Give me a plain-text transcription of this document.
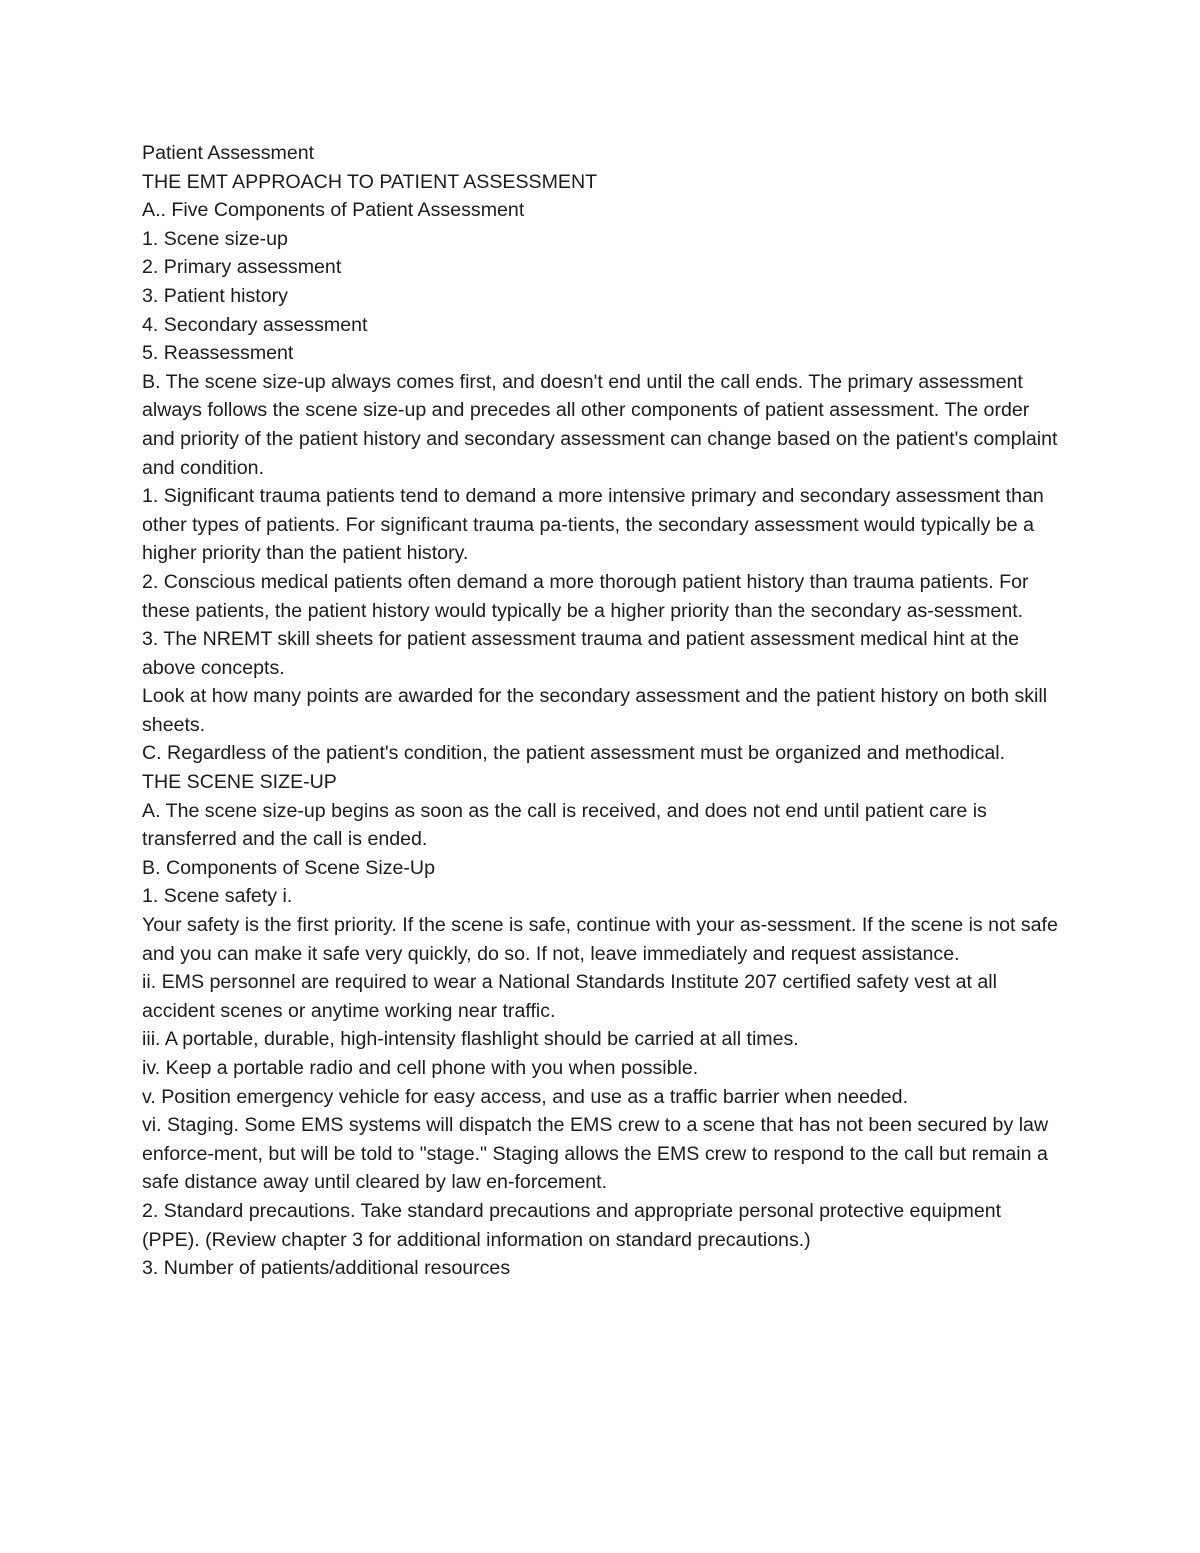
Patient Assessment

THE EMT APPROACH TO PATIENT ASSESSMENT

A.. Five Components of Patient Assessment

1. Scene size-up

2. Primary assessment

3. Patient history

4. Secondary assessment

5. Reassessment

B. The scene size-up always comes first, and doesn't end until the call ends. The primary assessment always follows the scene size-up and precedes all other components of patient assessment. The order and priority of the patient history and secondary assessment can change based on the patient's complaint and condition.

1. Significant trauma patients tend to demand a more intensive primary and secondary assessment than other types of patients. For significant trauma pa-tients, the secondary assessment would typically be a higher priority than the patient history.

2. Conscious medical patients often demand a more thorough patient history than trauma patients. For these patients, the patient history would typically be a higher priority than the secondary as-sessment.

3. The NREMT skill sheets for patient assessment trauma and patient assessment medical hint at the above concepts.

Look at how many points are awarded for the secondary assessment and the patient history on both skill sheets.

C. Regardless of the patient's condition, the patient assessment must be organized and methodical.

THE SCENE SIZE-UP

A. The scene size-up begins as soon as the call is received, and does not end until patient care is transferred and the call is ended.

B. Components of Scene Size-Up

1. Scene safety i.

Your safety is the first priority. If the scene is safe, continue with your as-sessment. If the scene is not safe and you can make it safe very quickly, do so. If not, leave immediately and request assistance.

ii. EMS personnel are required to wear a National Standards Institute 207 certified safety vest at all accident scenes or anytime working near traffic.

iii. A portable, durable, high-intensity flashlight should be carried at all times.

iv. Keep a portable radio and cell phone with you when possible.

v. Position emergency vehicle for easy access, and use as a traffic barrier when needed.

vi. Staging. Some EMS systems will dispatch the EMS crew to a scene that has not been secured by law enforce-ment, but will be told to "stage." Staging allows the EMS crew to respond to the call but remain a safe distance away until cleared by law en-forcement.

2. Standard precautions. Take standard precautions and appropriate personal protective equipment (PPE). (Review chapter 3 for additional information on standard precautions.)

3. Number of patients/additional resources
